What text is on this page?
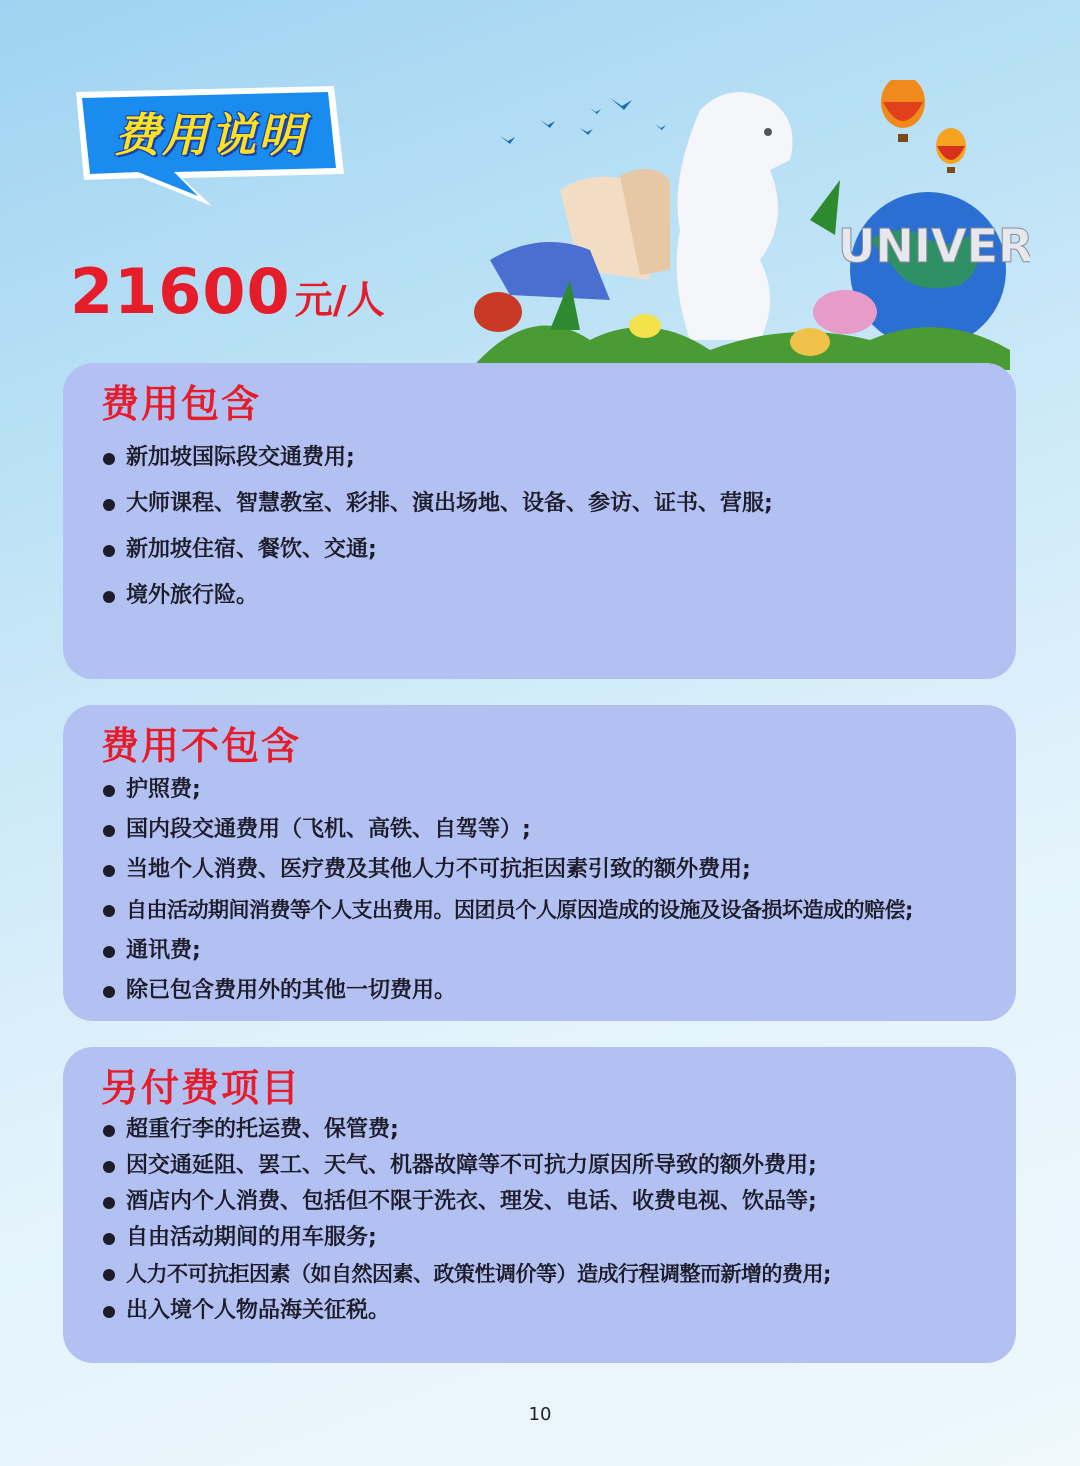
费用说明
21600 元/人
UNIVER
费用包含
新加坡国际段交通费用;
大师课程、智慧教室、彩排、演出场地、设备、参访、证书、营服;
新加坡住宿、餐饮、交通;
境外旅行险。
费用不包含
护照费;
国内段交通费用（飞机、高铁、自驾等）;
当地个人消费、医疗费及其他人力不可抗拒因素引致的额外费用;
自由活动期间消费等个人支出费用。因团员个人原因造成的设施及设备损坏造成的赔偿;
通讯费;
除已包含费用外的其他一切费用。
另付费项目
超重行李的托运费、保管费;
因交通延阻、罢工、天气、机器故障等不可抗力原因所导致的额外费用;
酒店内个人消费、包括但不限于洗衣、理发、电话、收费电视、饮品等;
自由活动期间的用车服务;
人力不可抗拒因素（如自然因素、政策性调价等）造成行程调整而新增的费用;
出入境个人物品海关征税。
10
